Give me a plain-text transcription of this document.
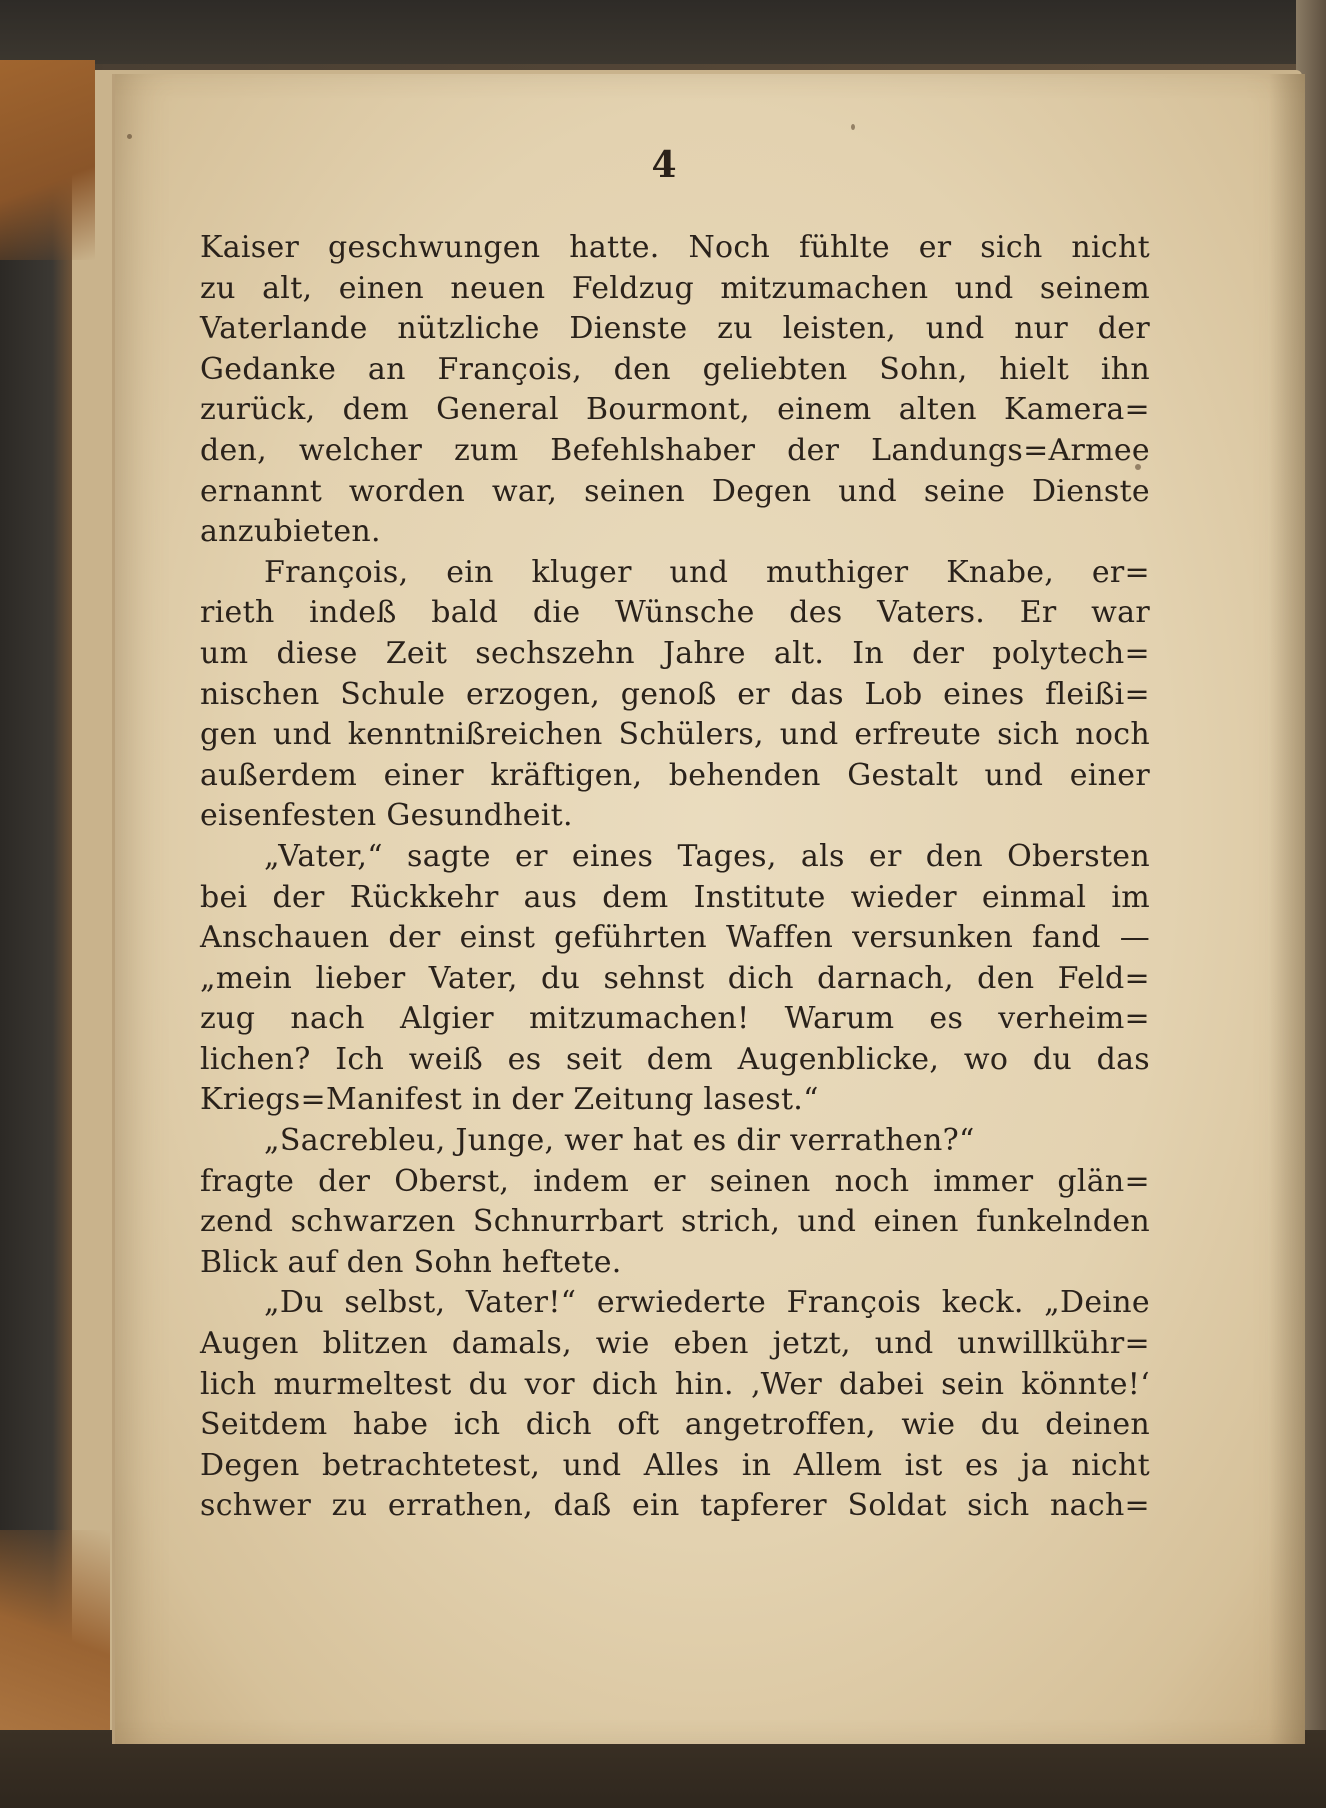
4
Kaiser geschwungen hatte. Noch fühlte er sich nicht
zu alt, einen neuen Feldzug mitzumachen und seinem
Vaterlande nützliche Dienste zu leisten, und nur der
Gedanke an François, den geliebten Sohn, hielt ihn
zurück, dem General Bourmont, einem alten Kamera=
den, welcher zum Befehlshaber der Landungs=Armee
ernannt worden war, seinen Degen und seine Dienste
anzubieten.
François, ein kluger und muthiger Knabe, er=
rieth indeß bald die Wünsche des Vaters. Er war
um diese Zeit sechszehn Jahre alt. In der polytech=
nischen Schule erzogen, genoß er das Lob eines fleißi=
gen und kenntnißreichen Schülers, und erfreute sich noch
außerdem einer kräftigen, behenden Gestalt und einer
eisenfesten Gesundheit.
„Vater,“ sagte er eines Tages, als er den Obersten
bei der Rückkehr aus dem Institute wieder einmal im
Anschauen der einst geführten Waffen versunken fand —
„mein lieber Vater, du sehnst dich darnach, den Feld=
zug nach Algier mitzumachen! Warum es verheim=
lichen? Ich weiß es seit dem Augenblicke, wo du das
Kriegs=Manifest in der Zeitung lasest.“
„Sacrebleu, Junge, wer hat es dir verrathen?“
fragte der Oberst, indem er seinen noch immer glän=
zend schwarzen Schnurrbart strich, und einen funkelnden
Blick auf den Sohn heftete.
„Du selbst, Vater!“ erwiederte François keck. „Deine
Augen blitzen damals, wie eben jetzt, und unwillkühr=
lich murmeltest du vor dich hin. ‚Wer dabei sein könnte!‘
Seitdem habe ich dich oft angetroffen, wie du deinen
Degen betrachtetest, und Alles in Allem ist es ja nicht
schwer zu errathen, daß ein tapferer Soldat sich nach=
